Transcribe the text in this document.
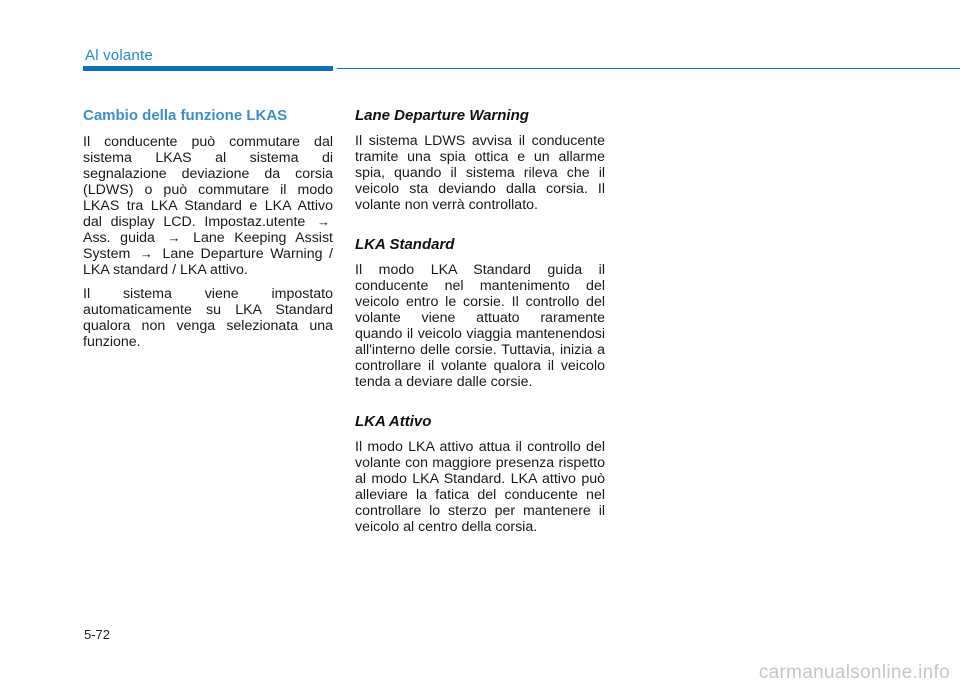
Al volante
Cambio della funzione LKAS

Il conducente può commutare dal sistema LKAS al sistema di segnalazione deviazione da corsia (LDWS) o può commutare il modo LKAS tra LKA Standard e LKA Attivo dal display LCD. Impostaz.utente → Ass. guida → Lane Keeping Assist System → Lane Departure Warning / LKA standard / LKA attivo.

Il sistema viene impostato automaticamente su LKA Standard qualora non venga selezionata una funzione.

Lane Departure Warning

Il sistema LDWS avvisa il conducente tramite una spia ottica e un allarme spia, quando il sistema rileva che il veicolo sta deviando dalla corsia. Il volante non verrà controllato.

LKA Standard

Il modo LKA Standard guida il conducente nel mantenimento del veicolo entro le corsie. Il controllo del volante viene attuato raramente quando il veicolo viaggia mantenendosi all'interno delle corsie. Tuttavia, inizia a controllare il volante qualora il veicolo tenda a deviare dalle corsie.

LKA Attivo

Il modo LKA attivo attua il controllo del volante con maggiore presenza rispetto al modo LKA Standard. LKA attivo può alleviare la fatica del conducente nel controllare lo sterzo per mantenere il veicolo al centro della corsia.

5-72
carmanualsonline.info
